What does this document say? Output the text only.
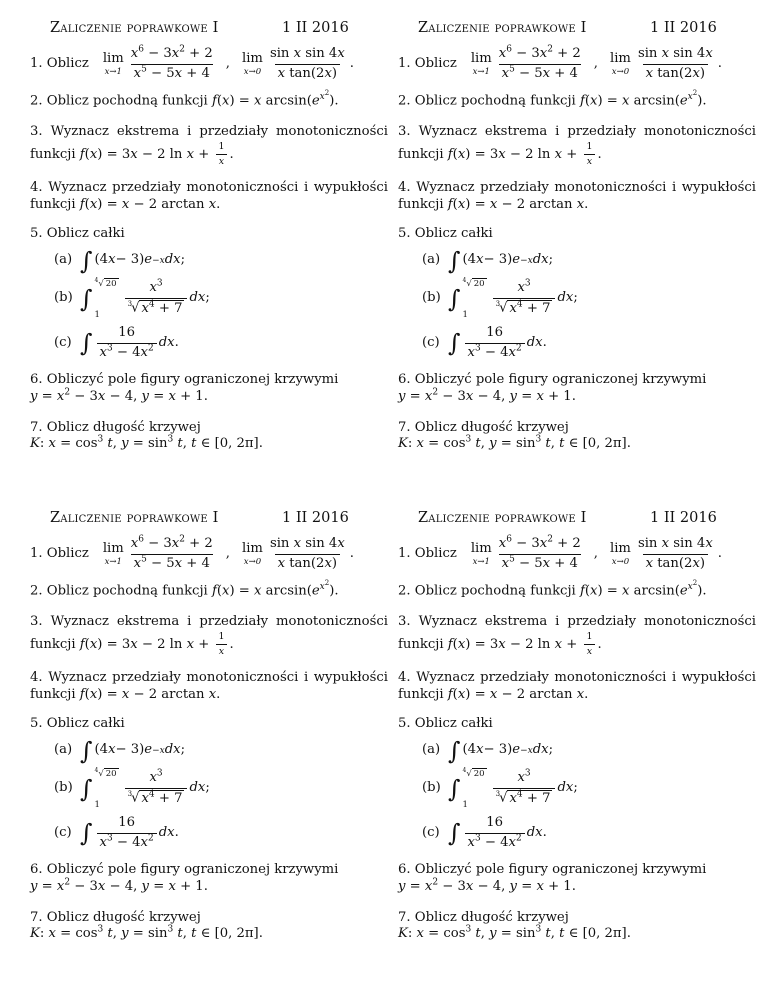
Zaliczenie poprawkowe I	1 II 2016
1.
Oblicz lim
$x\to 1 \frac{x^6 - 3x^2 + 2}{x^5 - 5x + 4}$ , lim
$x\to 0 \frac{\text{sin x sin 4x}}{\text{x tan(2x)}}$ .
2. Oblicz pochodną funkcji f(x) = x $\arcsin(e^{x^2})$.
3. Wyznacz ekstrema i przedziały monotoniczności funkcji f(x) = 3x − 2 $\ln x + \frac{1}{x}$ .
4. Wyznacz przedziały monotoniczności i wypukłości funkcji f(x) = x − 2 arctan x.
5. Oblicz całki
(a) ∫ (4 x − 3) e −x dx ;
(b) ∫
$^4$√ 20
1	$\frac{x^3}{^3√ x^4 + 7}$ dx ;
(c) ∫ $\frac{16}{x^3 - 4x^2}$ dx .
6. Obliczyć pole figury ograniczonej krzywymi
$y = x^2 - 3x - 4$, y = x + 1.
7. Oblicz długość krzywej
K: $x = \cos^3 t$, $y = \sin^3 t$, t ∈ [0, 2π].
Zaliczenie poprawkowe I	1 II 2016
1.
Oblicz lim
$x\to 1 \frac{x^6 - 3x^2 + 2}{x^5 - 5x + 4}$ , lim
$x\to 0 \frac{\text{sin x sin 4x}}{\text{x tan(2x)}}$ .
2. Oblicz pochodną funkcji f(x) = x $\arcsin(e^{x^2})$.
3. Wyznacz ekstrema i przedziały monotoniczności funkcji f(x) = 3x − 2 $\ln x + \frac{1}{x}$ .
4. Wyznacz przedziały monotoniczności i wypukłości funkcji f(x) = x − 2 arctan x.
5. Oblicz całki
(a) ∫ (4 x − 3) e −x dx ;
(b) ∫
$^4$√ 20
1	$\frac{x^3}{^3√ x^4 + 7}$ dx ;
(c) ∫ $\frac{16}{x^3 - 4x^2}$ dx .
6. Obliczyć pole figury ograniczonej krzywymi
$y = x^2 - 3x - 4$, y = x + 1.
7. Oblicz długość krzywej
K: $x = \cos^3 t$, $y = \sin^3 t$, t ∈ [0, 2π].
Zaliczenie poprawkowe I	1 II 2016
1.
Oblicz lim
$x\to 1 \frac{x^6 - 3x^2 + 2}{x^5 - 5x + 4}$ , lim
$x\to 0 \frac{\text{sin x sin 4x}}{\text{x tan(2x)}}$ .
2. Oblicz pochodną funkcji f(x) = x $\arcsin(e^{x^2})$.
3. Wyznacz ekstrema i przedziały monotoniczności funkcji f(x) = 3x − 2 $\ln x + \frac{1}{x}$ .
4. Wyznacz przedziały monotoniczności i wypukłości funkcji f(x) = x − 2 arctan x.
5. Oblicz całki
(a) ∫ (4 x − 3) e −x dx ;
(b) ∫
$^4$√ 20
1	$\frac{x^3}{^3√ x^4 + 7}$ dx ;
(c) ∫ $\frac{16}{x^3 - 4x^2}$ dx .
6. Obliczyć pole figury ograniczonej krzywymi
$y = x^2 - 3x - 4$, y = x + 1.
7. Oblicz długość krzywej
K: $x = \cos^3 t$, $y = \sin^3 t$, t ∈ [0, 2π].
Zaliczenie poprawkowe I	1 II 2016
1.
Oblicz lim
$x\to 1 \frac{x^6 - 3x^2 + 2}{x^5 - 5x + 4}$ , lim
$x\to 0 \frac{\text{sin x sin 4x}}{\text{x tan(2x)}}$ .
2. Oblicz pochodną funkcji f(x) = x $\arcsin(e^{x^2})$.
3. Wyznacz ekstrema i przedziały monotoniczności funkcji f(x) = 3x − 2 $\ln x + \frac{1}{x}$ .
4. Wyznacz przedziały monotoniczności i wypukłości funkcji f(x) = x − 2 arctan x.
5. Oblicz całki
(a) ∫ (4 x − 3) e −x dx ;
(b) ∫
$^4$√ 20
1	$\frac{x^3}{^3√ x^4 + 7}$ dx ;
(c) ∫ $\frac{16}{x^3 - 4x^2}$ dx .
6. Obliczyć pole figury ograniczonej krzywymi
$y = x^2 - 3x - 4$, y = x + 1.
7. Oblicz długość krzywej
K: $x = \cos^3 t$, $y = \sin^3 t$, t ∈ [0, 2π].
